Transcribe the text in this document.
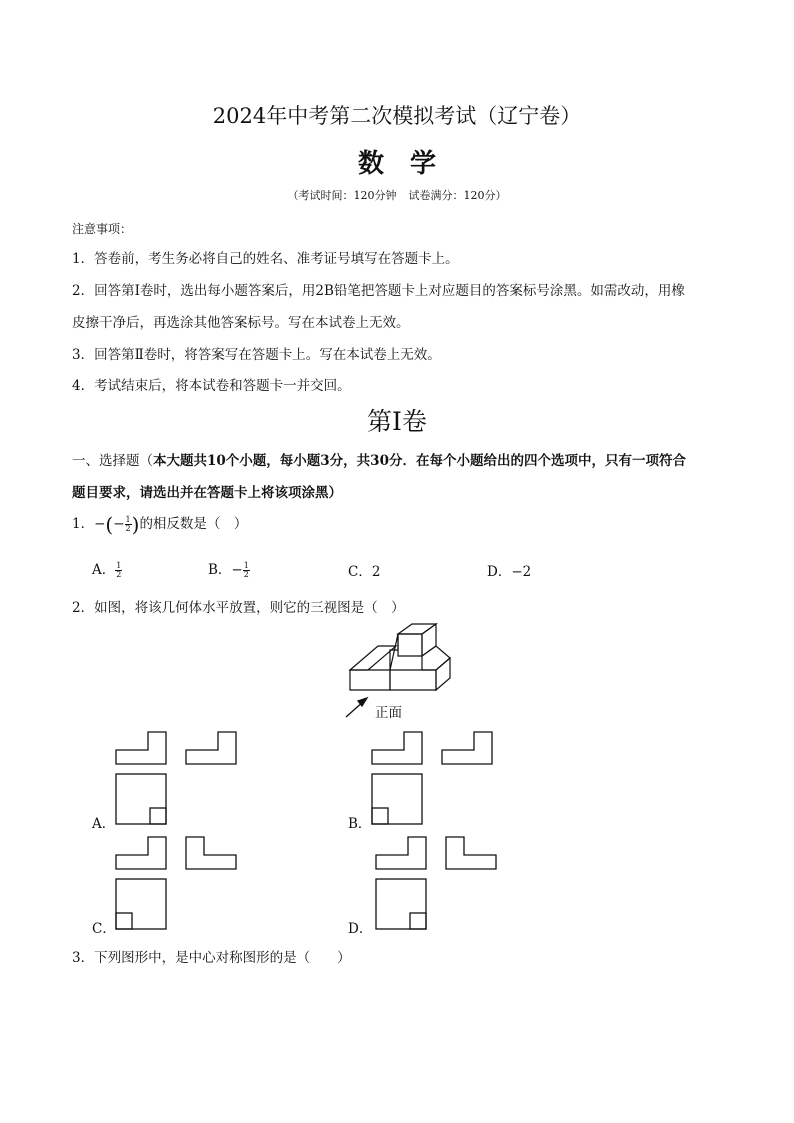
2024年中考第二次模拟考试（辽宁卷）
数学
（考试时间：120分钟 试卷满分：120分）
注意事项：
1．答卷前，考生务必将自己的姓名、准考证号填写在答题卡上。
2．回答第Ⅰ卷时，选出每小题答案后，用2B铅笔把答题卡上对应题目的答案标号涂黑。如需改动，用橡
皮擦干净后，再选涂其他答案标号。写在本试卷上无效。
3．回答第Ⅱ卷时，将答案写在答题卡上。写在本试卷上无效。
4．考试结束后，将本试卷和答题卡一并交回。
第Ⅰ卷
一、选择题（本大题共10个小题，每小题3分，共30分．在每个小题给出的四个选项中，只有一项符合
题目要求，请选出并在答题卡上将该项涂黑）
1．−(− $\frac{1}{2}$ )的相反数是（　）
A． $\frac{1}{2}$	B．− $\frac{1}{2}$	C．2	D．−2
2．如图，将该几何体水平放置，则它的三视图是（　）
正面
A．	B．
C．	D．
3．下列图形中，是中心对称图形的是（　　）
